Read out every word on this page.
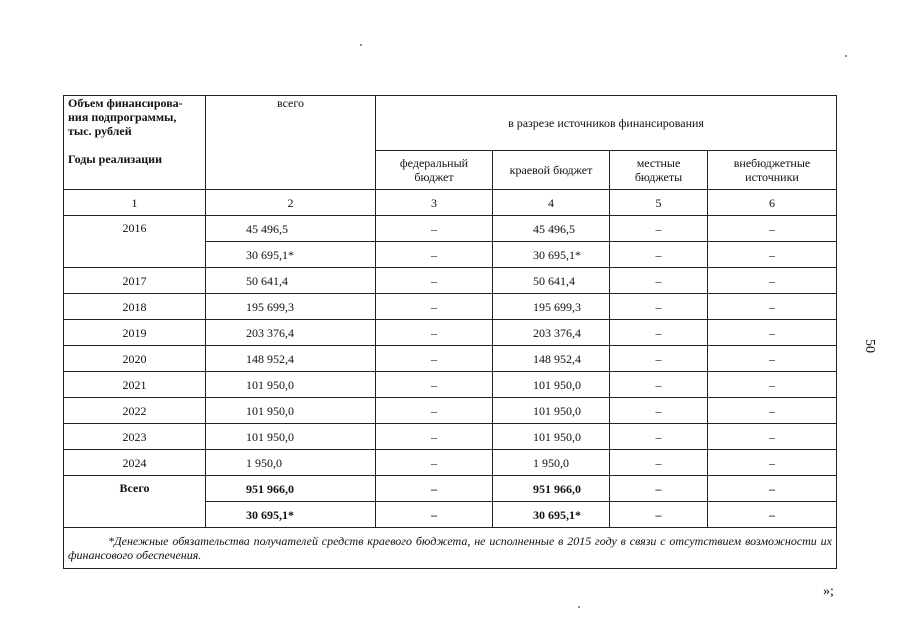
Объем финансирова-ния подпрограммы, тыс. рублей
Годы реализации	всего	в разрезе источников финансирования			
		федеральный бюджет	краевой бюджет	местные бюджеты	внебюджетные источники
1	2	3	4	5	6
2016	45 496,5	–	45 496,5	–	–
	30 695,1*	–	30 695,1*	–	–
2017	50 641,4	–	50 641,4	–	–
2018	195 699,3	–	195 699,3	–	–
2019	203 376,4	–	203 376,4	–	–
2020	148 952,4	–	148 952,4	–	–
2021	101 950,0	–	101 950,0	–	–
2022	101 950,0	–	101 950,0	–	–
2023	101 950,0	–	101 950,0	–	–
2024	1 950,0	–	1 950,0	–	–
Всего	951 966,0	–	951 966,0	–	–
	30 695,1*	–	30 695,1*	–	–
*Денежные обязательства получателей средств краевого бюджета, не исполненные в 2015 году в связи с отсутствием возможности их финансового обеспечения.					
50
»;
